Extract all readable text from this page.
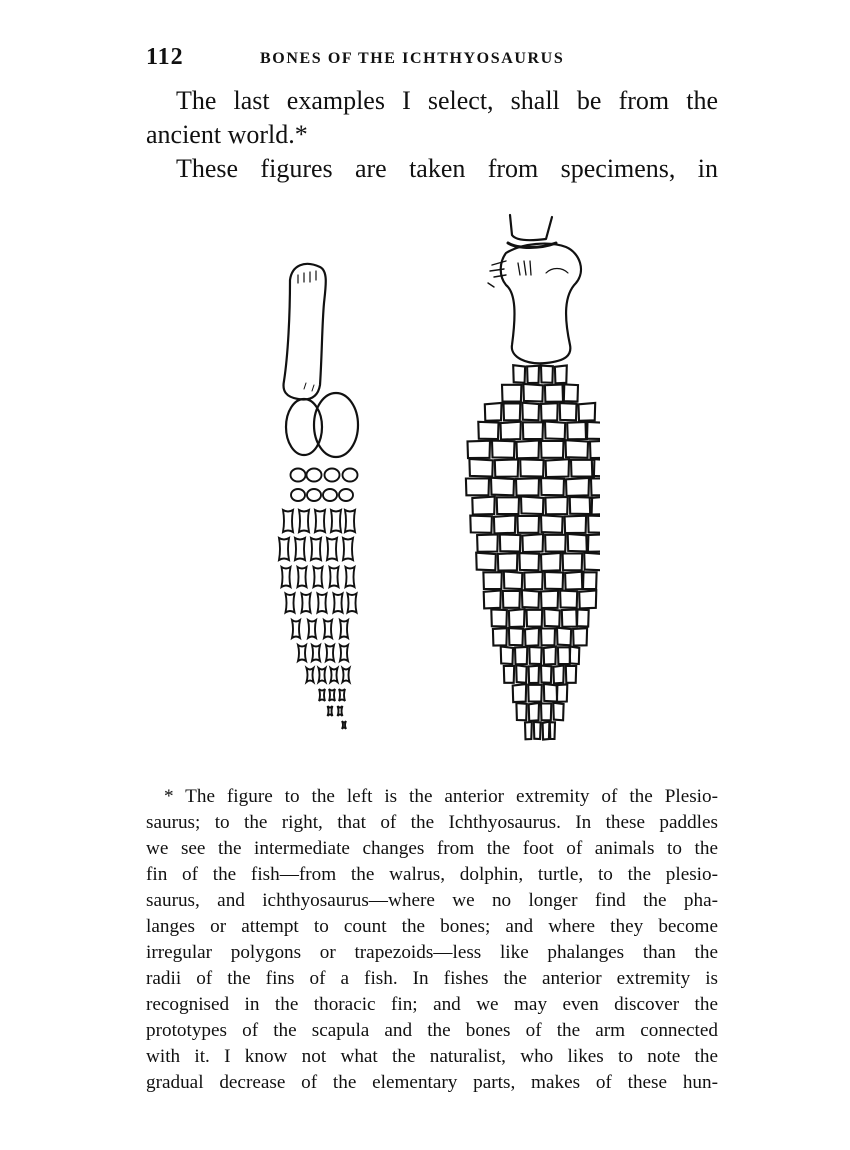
112	BONES OF THE ICHTHYOSAURUS

The last examples I select, shall be from the

ancient world.*

These figures are taken from specimens, in

* The figure to the left is the anterior extremity of the Plesio-
saurus; to the right, that of the Ichthyosaurus. In these paddles
we see the intermediate changes from the foot of animals to the
fin of the fish—from the walrus, dolphin, turtle, to the plesio-
saurus, and ichthyosaurus—where we no longer find the pha-
langes or attempt to count the bones; and where they become
irregular polygons or trapezoids—less like phalanges than the
radii of the fins of a fish. In fishes the anterior extremity is
recognised in the thoracic fin; and we may even discover the
prototypes of the scapula and the bones of the arm connected
with it. I know not what the naturalist, who likes to note the
gradual decrease of the elementary parts, makes of these hun-
